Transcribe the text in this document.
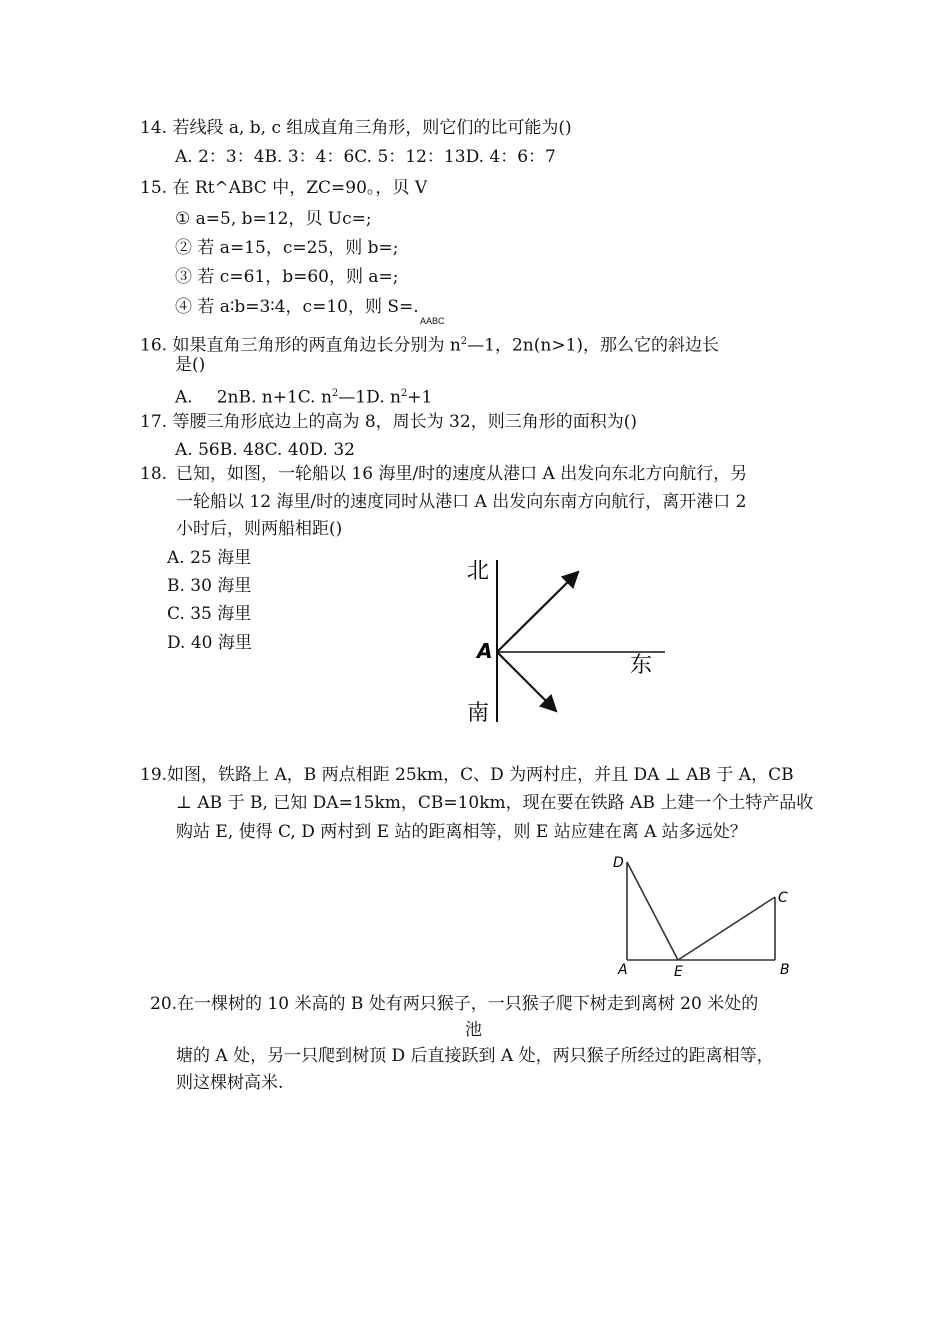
14. 若线段 a, b, c 组成直角三角形，则它们的比可能为()
A. 2：3：4B. 3：4：6C. 5：12：13D. 4：6：7
15. 在 Rt^ABC 中，ZC=90。，贝 V
① a=5, b=12，贝 Uc=;
② 若 a=15，c=25，则 b=;
③ 若 c=61，b=60，则 a=;
④ 若 a∶b=3∶4，c=10，则 S=.
AABC
16. 如果直角三角形的两直角边长分别为 $n^2—1$，2n(n>1)，那么它的斜边长
是()
A. 2nB. n+1C. $n^2—1D$. $n^2+1$
17. 等腰三角形底边上的高为 8，周长为 32，则三角形的面积为()
A. 56B. 48C. 40D. 32
18. 已知，如图，一轮船以 16 海里/时的速度从港口 A 出发向东北方向航行，另
一轮船以 12 海里/时的速度同时从港口 A 出发向东南方向航行，离开港口 2
小时后，则两船相距()
A. 25 海里
B. 30 海里
C. 35 海里
D. 40 海里
北
南
东
A
19.如图，铁路上 A，B 两点相距 25km，C、D 为两村庄，并且 DA ⊥ AB 于 A，CB
⊥ AB 于 B, 已知 DA=15km，CB=10km，现在要在铁路 AB 上建一个土特产品收
购站 E, 使得 C, D 两村到 E 站的距离相等，则 E 站应建在离 A 站多远处？
D
C
A	E	B
20.在一棵树的 10 米高的 B 处有两只猴子，一只猴子爬下树走到离树 20 米处的
池
塘的 A 处，另一只爬到树顶 D 后直接跃到 A 处，两只猴子所经过的距离相等，
则这棵树高米.
